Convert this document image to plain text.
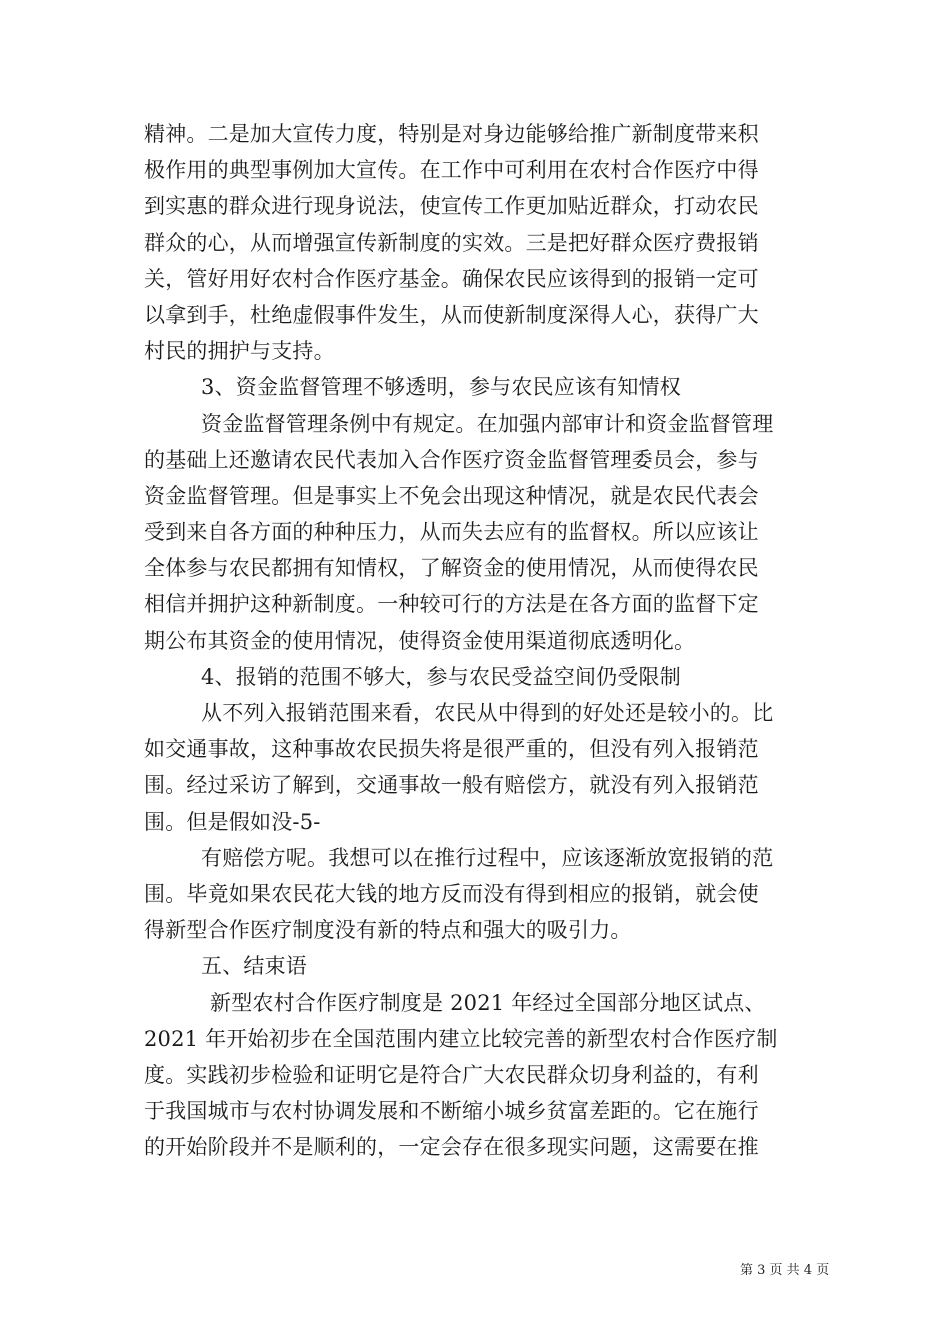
精神。二是加大宣传力度，特别是对身边能够给推广新制度带来积
极作用的典型事例加大宣传。在工作中可利用在农村合作医疗中得
到实惠的群众进行现身说法，使宣传工作更加贴近群众，打动农民
群众的心，从而增强宣传新制度的实效。三是把好群众医疗费报销
关，管好用好农村合作医疗基金。确保农民应该得到的报销一定可
以拿到手，杜绝虚假事件发生，从而使新制度深得人心，获得广大
村民的拥护与支持。
3、资金监督管理不够透明，参与农民应该有知情权
资金监督管理条例中有规定。在加强内部审计和资金监督管理
的基础上还邀请农民代表加入合作医疗资金监督管理委员会，参与
资金监督管理。但是事实上不免会出现这种情况，就是农民代表会
受到来自各方面的种种压力，从而失去应有的监督权。所以应该让
全体参与农民都拥有知情权，了解资金的使用情况，从而使得农民
相信并拥护这种新制度。一种较可行的方法是在各方面的监督下定
期公布其资金的使用情况，使得资金使用渠道彻底透明化。
4、报销的范围不够大，参与农民受益空间仍受限制
从不列入报销范围来看，农民从中得到的好处还是较小的。比
如交通事故，这种事故农民损失将是很严重的，但没有列入报销范
围。经过采访了解到，交通事故一般有赔偿方，就没有列入报销范
围。但是假如没-5-
有赔偿方呢。我想可以在推行过程中，应该逐渐放宽报销的范
围。毕竟如果农民花大钱的地方反而没有得到相应的报销，就会使
得新型合作医疗制度没有新的特点和强大的吸引力。
五、结束语
新型农村合作医疗制度是 2021 年经过全国部分地区试点、
2021 年开始初步在全国范围内建立比较完善的新型农村合作医疗制
度。实践初步检验和证明它是符合广大农民群众切身利益的，有利
于我国城市与农村协调发展和不断缩小城乡贫富差距的。它在施行
的开始阶段并不是顺利的，一定会存在很多现实问题，这需要在推
第 3 页 共 4 页
